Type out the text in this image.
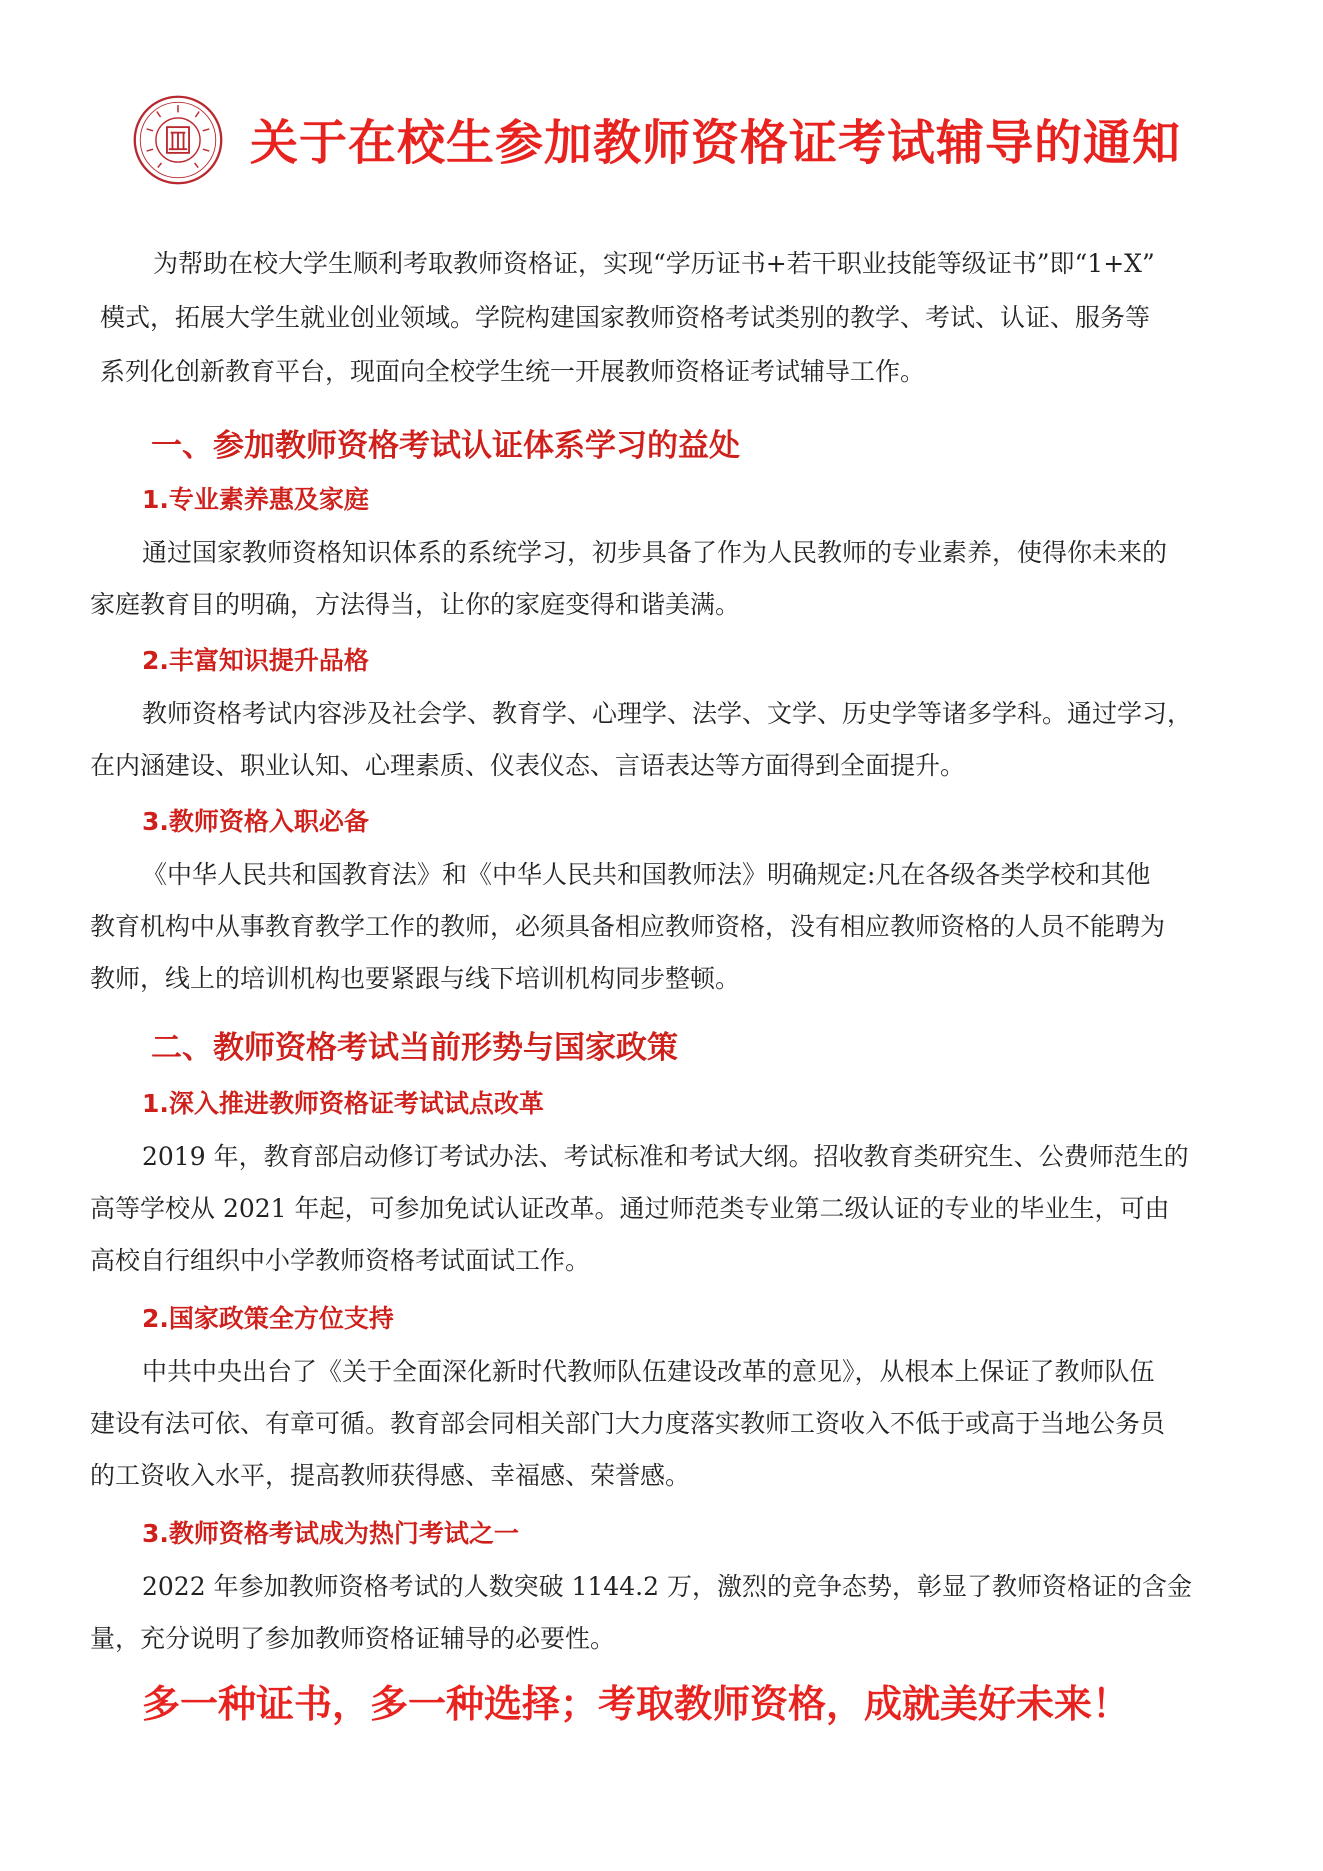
关于在校生参加教师资格证考试辅导的通知

为帮助在校大学生顺利考取教师资格证，实现“学历证书+若干职业技能等级证书”即“1+X”

模式，拓展大学生就业创业领域。学院构建国家教师资格考试类别的教学、考试、认证、服务等

系列化创新教育平台，现面向全校学生统一开展教师资格证考试辅导工作。

一、参加教师资格考试认证体系学习的益处
1.专业素养惠及家庭

通过国家教师资格知识体系的系统学习，初步具备了作为人民教师的专业素养，使得你未来的

家庭教育目的明确，方法得当，让你的家庭变得和谐美满。

2.丰富知识提升品格

教师资格考试内容涉及社会学、教育学、心理学、法学、文学、历史学等诸多学科。通过学习，

在内涵建设、职业认知、心理素质、仪表仪态、言语表达等方面得到全面提升。

3.教师资格入职必备

《中华人民共和国教育法》和《中华人民共和国教师法》明确规定:凡在各级各类学校和其他

教育机构中从事教育教学工作的教师，必须具备相应教师资格，没有相应教师资格的人员不能聘为

教师，线上的培训机构也要紧跟与线下培训机构同步整顿。

二、教师资格考试当前形势与国家政策
1.深入推进教师资格证考试试点改革

2019 年，教育部启动修订考试办法、考试标准和考试大纲。招收教育类研究生、公费师范生的

高等学校从 2021 年起，可参加免试认证改革。通过师范类专业第二级认证的专业的毕业生，可由

高校自行组织中小学教师资格考试面试工作。

2.国家政策全方位支持

中共中央出台了《关于全面深化新时代教师队伍建设改革的意见》，从根本上保证了教师队伍

建设有法可依、有章可循。教育部会同相关部门大力度落实教师工资收入不低于或高于当地公务员

的工资收入水平，提高教师获得感、幸福感、荣誉感。

3.教师资格考试成为热门考试之一

2022 年参加教师资格考试的人数突破 1144.2 万，激烈的竞争态势，彰显了教师资格证的含金

量，充分说明了参加教师资格证辅导的必要性。

多一种证书，多一种选择；考取教师资格，成就美好未来！
